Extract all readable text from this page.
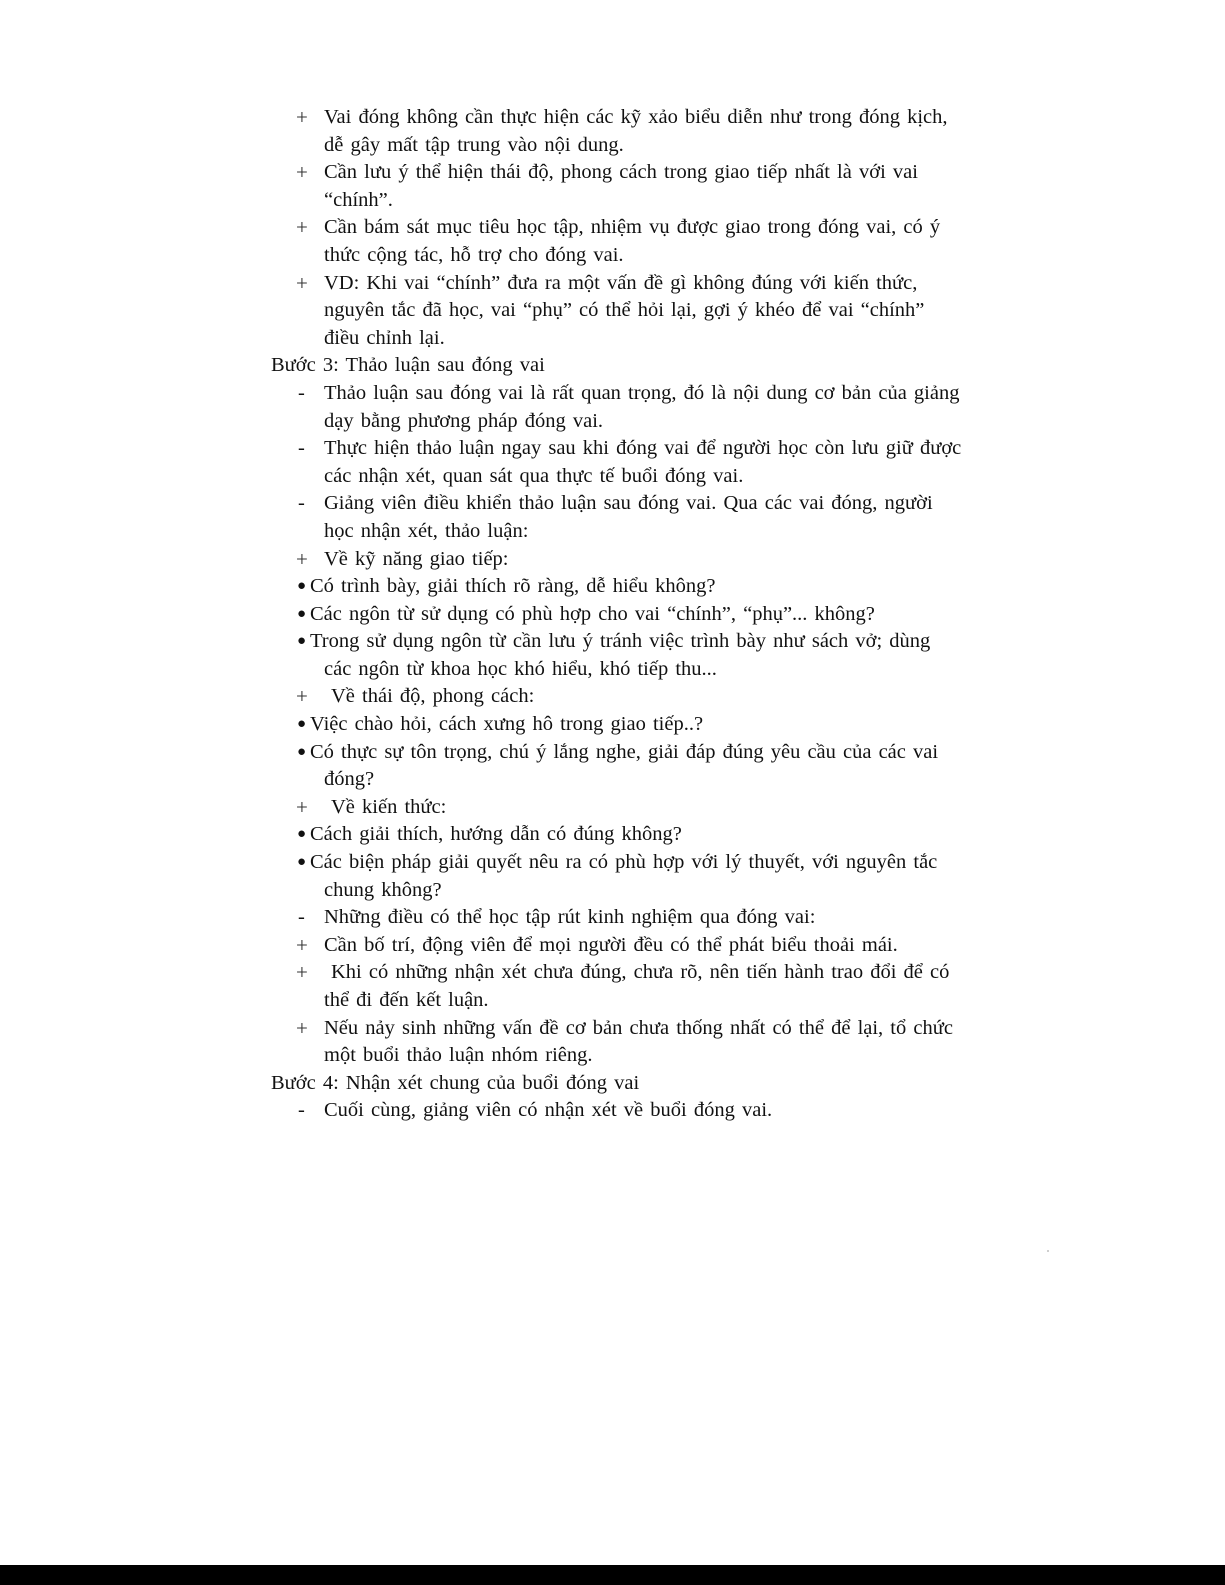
+ Vai đóng không cần thực hiện các kỹ xảo biểu diễn như trong đóng kịch,
dễ gây mất tập trung vào nội dung.
+ Cần lưu ý thể hiện thái độ, phong cách trong giao tiếp nhất là với vai
“chính”.
+ Cần bám sát mục tiêu học tập, nhiệm vụ được giao trong đóng vai, có ý
thức cộng tác, hỗ trợ cho đóng vai.
+ VD: Khi vai “chính” đưa ra một vấn đề gì không đúng với kiến thức,
nguyên tắc đã học, vai “phụ” có thể hỏi lại, gợi ý khéo để vai “chính”
điều chỉnh lại.
Bước 3: Thảo luận sau đóng vai
- Thảo luận sau đóng vai là rất quan trọng, đó là nội dung cơ bản của giảng
dạy bằng phương pháp đóng vai.
- Thực hiện thảo luận ngay sau khi đóng vai để người học còn lưu giữ được
các nhận xét, quan sát qua thực tế buổi đóng vai.
- Giảng viên điều khiển thảo luận sau đóng vai. Qua các vai đóng, người
học nhận xét, thảo luận:
+ Về kỹ năng giao tiếp:
● Có trình bày, giải thích rõ ràng, dễ hiểu không?
● Các ngôn từ sử dụng có phù hợp cho vai “chính”, “phụ”... không?
● Trong sử dụng ngôn từ cần lưu ý tránh việc trình bày như sách vở; dùng
các ngôn từ khoa học khó hiểu, khó tiếp thu...
+ Về thái độ, phong cách:
● Việc chào hỏi, cách xưng hô trong giao tiếp..?
● Có thực sự tôn trọng, chú ý lắng nghe, giải đáp đúng yêu cầu của các vai
đóng?
+ Về kiến thức:
● Cách giải thích, hướng dẫn có đúng không?
● Các biện pháp giải quyết nêu ra có phù hợp với lý thuyết, với nguyên tắc
chung không?
- Những điều có thể học tập rút kinh nghiệm qua đóng vai:
+ Cần bố trí, động viên để mọi người đều có thể phát biểu thoải mái.
+ Khi có những nhận xét chưa đúng, chưa rõ, nên tiến hành trao đổi để có
thể đi đến kết luận.
+ Nếu nảy sinh những vấn đề cơ bản chưa thống nhất có thể để lại, tổ chức
một buổi thảo luận nhóm riêng.
Bước 4: Nhận xét chung của buổi đóng vai
- Cuối cùng, giảng viên có nhận xét về buổi đóng vai.
